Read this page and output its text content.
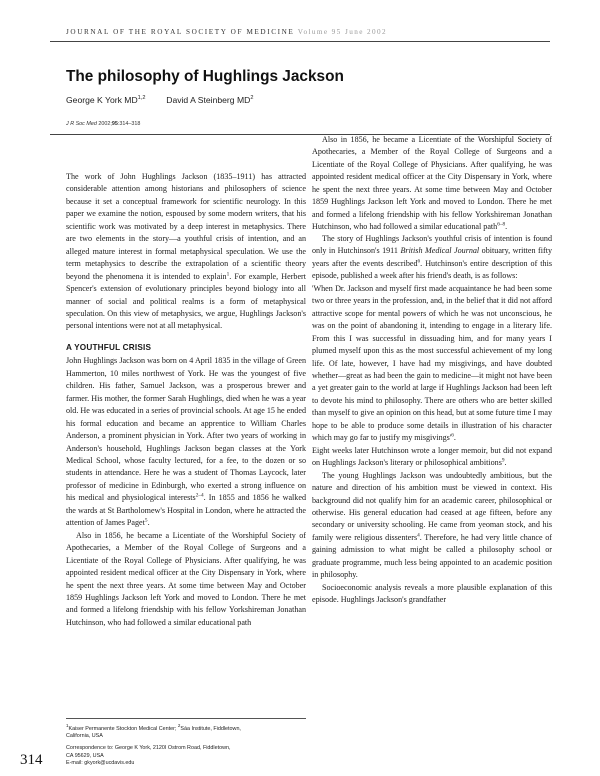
JOURNAL OF THE ROYAL SOCIETY OF MEDICINE Volume 95 June 2002
The philosophy of Hughlings Jackson
George K York MD$^{1,2}$ David A Steinberg $MD^2$
J R Soc Med 2002;95:314–318

The work of John Hughlings Jackson (1835–1911) has attracted considerable attention among historians and philosophers of science because it set a conceptual framework for scientific neurology. In this paper we examine the notion, espoused by some modern writers, that his scientific work was motivated by a deep interest in metaphysics. There are two elements in the story—a youthful crisis of intention, and an alleged mature interest in formal metaphysical speculation. We use the term metaphysics to describe the extrapolation of a scientific theory beyond the phenomena it is intended to explain$^1$. For example, Herbert Spencer's extension of evolutionary principles beyond biology into all manner of social and political realms is a form of metaphysical speculation. On this view of metaphysics, we argue, Hughlings Jackson's personal intentions were not at all metaphysical.

A YOUTHFUL CRISIS

John Hughlings Jackson was born on 4 April 1835 in the village of Green Hammerton, 10 miles northwest of York. He was the youngest of five children. His father, Samuel Jackson, was a prosperous brewer and farmer. His mother, the former Sarah Hughlings, died when he was a year old. He was educated in a series of provincial schools. At age 15 he ended his formal education and became an apprentice to William Charles Anderson, a prominent physician in York. After two years of working in Anderson's household, Hughlings Jackson began classes at the York Medical School, whose faculty lectured, for a fee, to the dozen or so students in attendance. Here he was a student of Thomas Laycock, later professor of medicine in Edinburgh, who exerted a strong influence on his medical and physiological interests$^{2-4}$. In 1855 and 1856 he walked the wards at St Bartholomew's Hospital in London, where he attracted the attention of James Paget$^5$.

Also in 1856, he became a Licentiate of the Worshipful Society of Apothecaries, a Member of the Royal College of Surgeons and a Licentiate of the Royal College of Physicians. After qualifying, he was appointed resident medical officer at the City Dispensary in York, where he spent the next three years. At some time between May and October 1859 Hughlings Jackson left York and moved to London. There he met and formed a lifelong friendship with his fellow Yorkshireman Jonathan Hutchinson, who had followed a similar educational path

Also in 1856, he became a Licentiate of the Worshipful Society of Apothecaries, a Member of the Royal College of Surgeons and a Licentiate of the Royal College of Physicians. After qualifying, he was appointed resident medical officer at the City Dispensary in York, where he spent the next three years. At some time between May and October 1859 Hughlings Jackson left York and moved to London. There he met and formed a lifelong friendship with his fellow Yorkshireman Jonathan Hutchinson, who had followed a similar educational path$^{6-8}$.

The story of Hughlings Jackson's youthful crisis of intention is found only in Hutchinson's 1911 British Medical Journal obituary, written fifty years after the events described$^6$. Hutchinson's entire description of this episode, published a week after his friend's death, is as follows:

'When Dr. Jackson and myself first made acquaintance he had been some two or three years in the profession, and, in the belief that it did not afford attractive scope for mental powers of which he was not unconscious, he was on the point of abandoning it, intending to engage in a literary life. From this I was successful in dissuading him, and for many years I plumed myself upon this as the most successful achievement of my long life. Of late, however, I have had my misgivings, and have doubted whether—great as had been the gain to medicine—it might not have been a yet greater gain to the world at large if Hughlings Jackson had been left to devote his mind to philosophy. There are others who are better skilled than myself to give an opinion on this head, but at some future time I may hope to be able to produce some details in illustration of his character which may go far to justify my $misgivings'^6$.

Eight weeks later Hutchinson wrote a longer memoir, but did not expand on Hughlings Jackson's literary or philosophical ambitions$^9$.

The young Hughlings Jackson was undoubtedly ambitious, but the nature and direction of his ambition must be viewed in context. His background did not qualify him for an academic career, philosophical or otherwise. His general education had ceased at age fifteen, before any secondary or university schooling. He came from yeoman stock, and his family were religious dissenters$^4$. Therefore, he had very little chance of gaining admission to what might be called a philosophy school or graduate programme, much less being appointed to an academic position in philosophy.

Socioeconomic analysis reveals a more plausible explanation of this episode. Hughlings Jackson's grandfather

$^1$Kaiser Permanente Stockton Medical Center; $^2$Sáa Institute, Fiddletown,
California, USA
Correspondence to: George K York, 2120I Ostrom Road, Fiddletown,
CA 95629, USA
E-mail: gkyork@ucdavis.edu
314
